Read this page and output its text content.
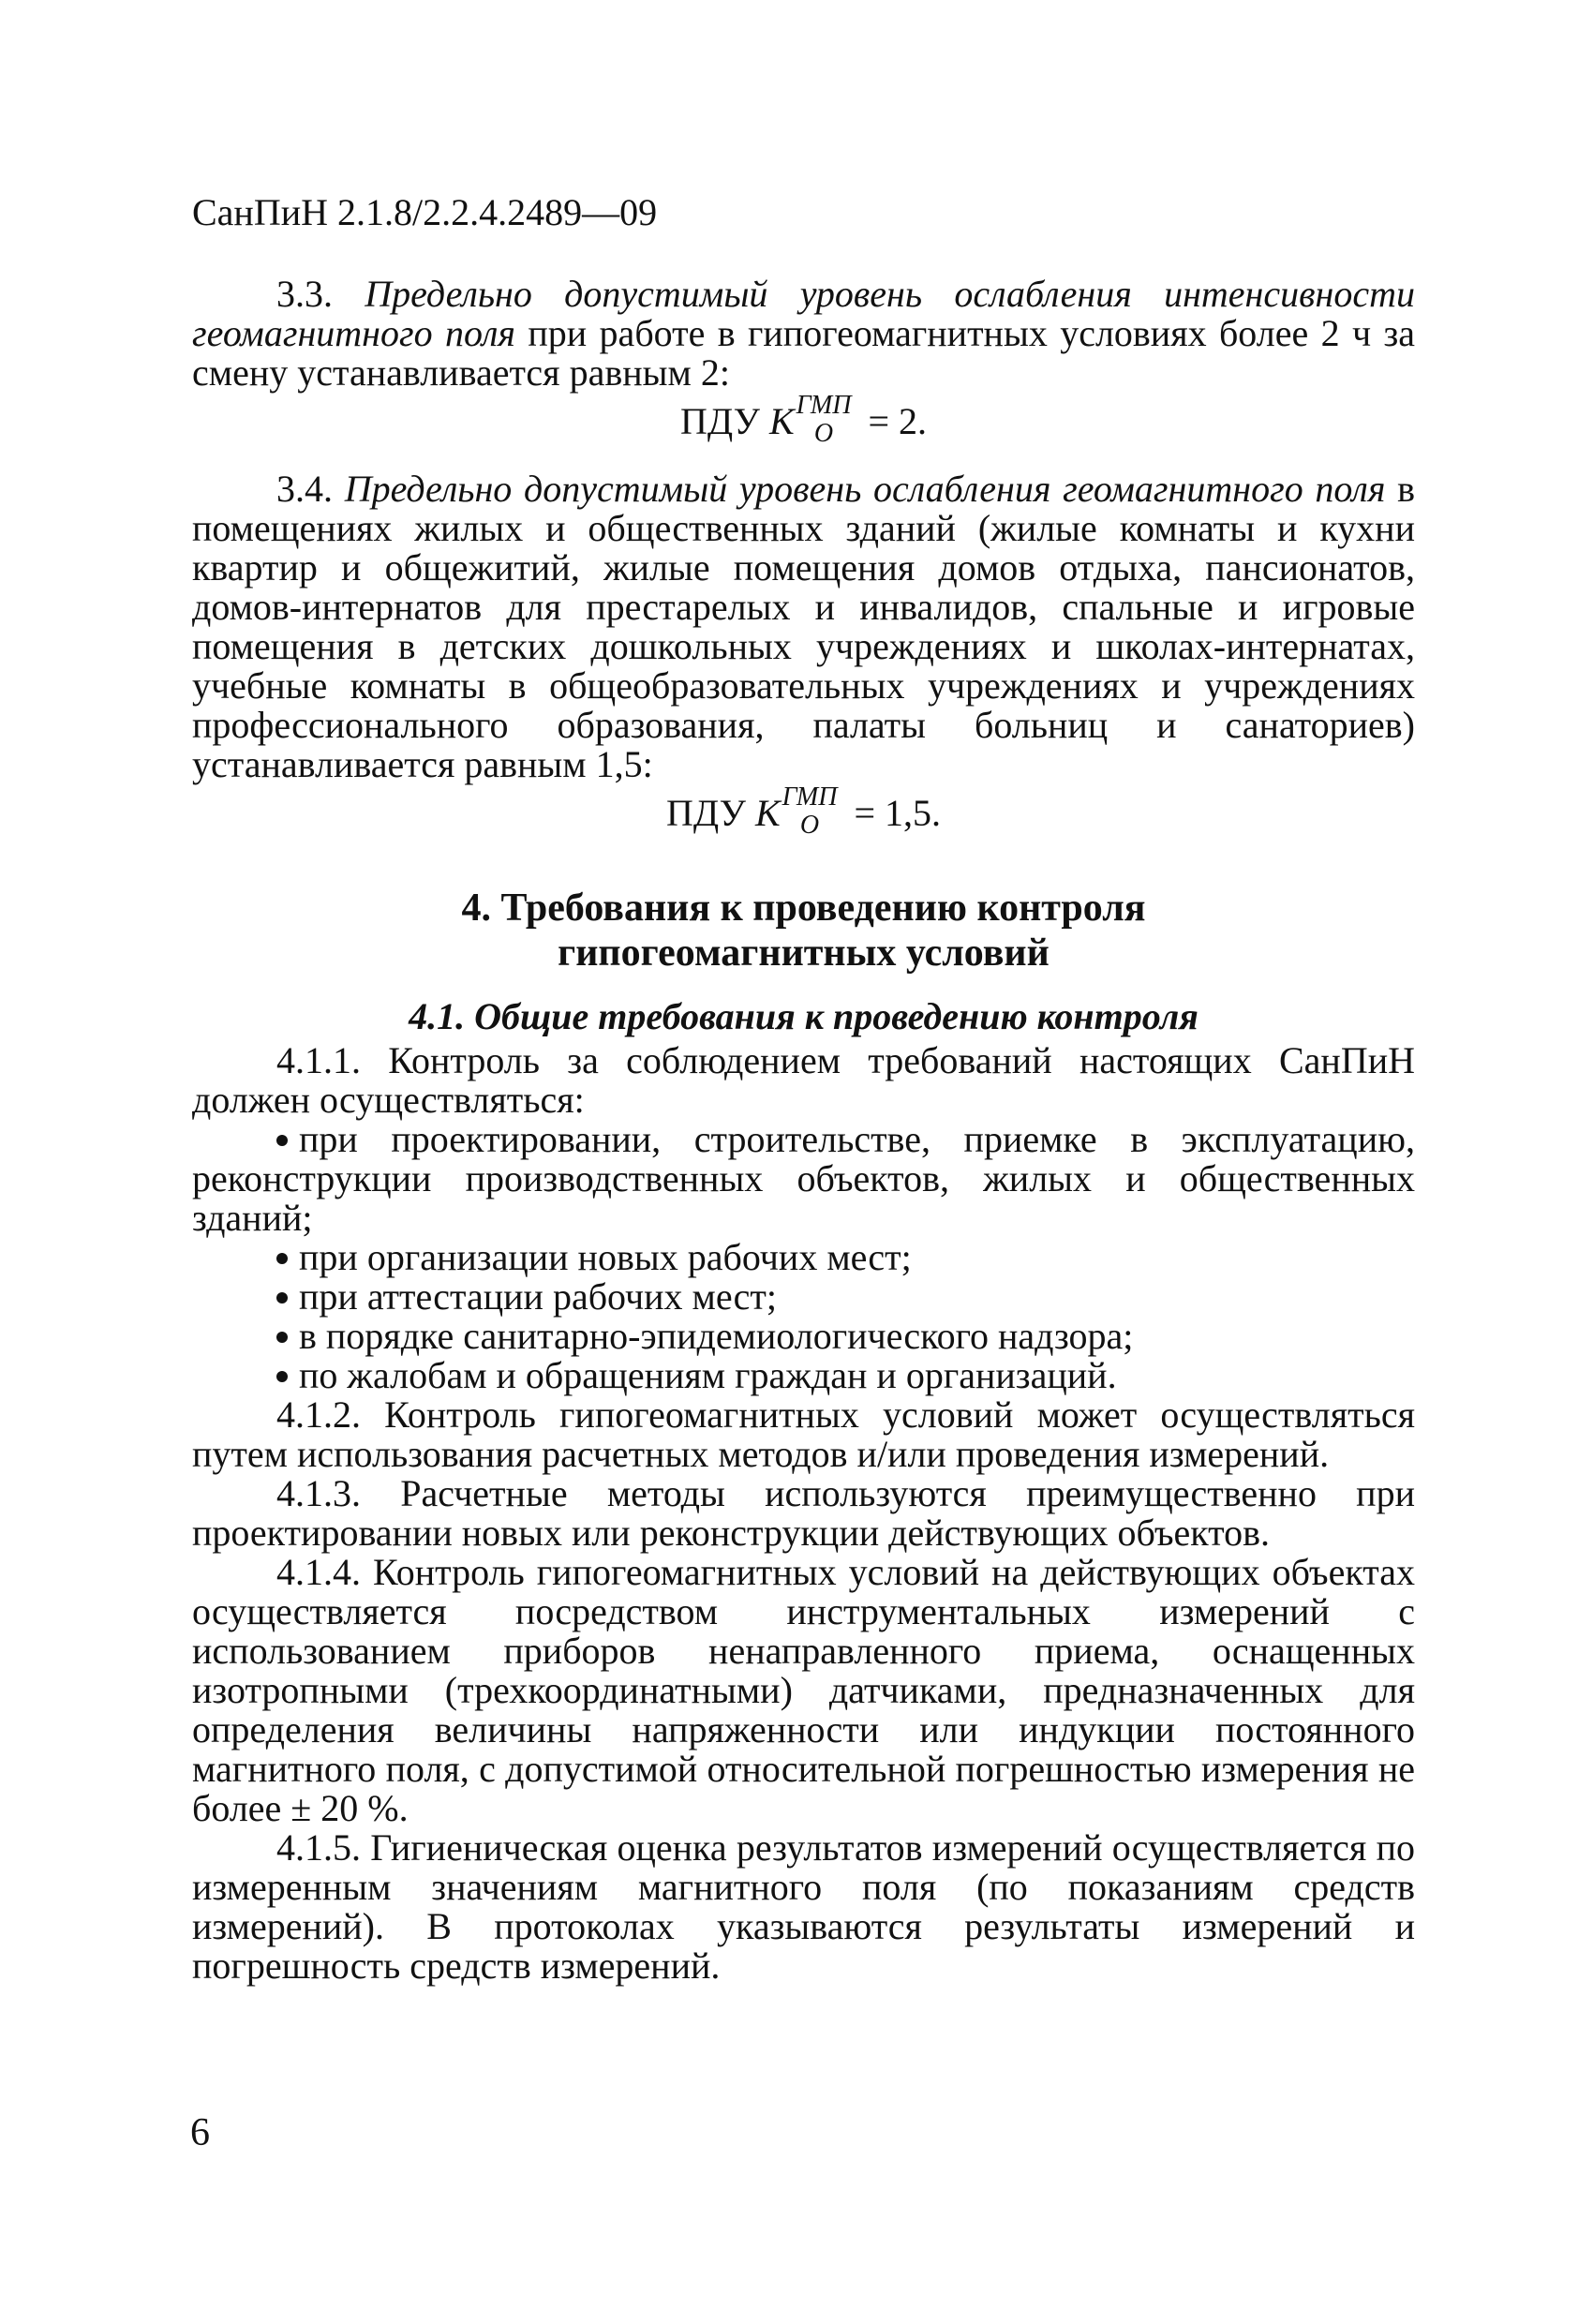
СанПиН 2.1.8/2.2.4.2489—09

3.3. Предельно допустимый уровень ослабления интенсивности геомагнитного поля при работе в гипогеомагнитных условиях более 2 ч за смену устанавливается равным 2:

ПДУ K ГМП
О = 2.

3.4. Предельно допустимый уровень ослабления геомагнитного поля в помещениях жилых и общественных зданий (жилые комнаты и кухни квартир и общежитий, жилые помещения домов отдыха, пансионатов, домов-интернатов для престарелых и инвалидов, спальные и игровые помещения в детских дошкольных учреждениях и школах-интернатах, учебные комнаты в общеобразовательных учреждениях и учреждениях профессионального образования, палаты больниц и санаториев) устанавливается равным 1,5:

ПДУ K ГМП
О = 1,5.
4. Требования к проведению контроля
гипогеомагнитных условий
4.1. Общие требования к проведению контроля

4.1.1. Контроль за соблюдением требований настоящих СанПиН должен осуществляться:

при проектировании, строительстве, приемке в эксплуатацию, реконструкции производственных объектов, жилых и общественных зданий;

при организации новых рабочих мест;

при аттестации рабочих мест;

в порядке санитарно-эпидемиологического надзора;

по жалобам и обращениям граждан и организаций.

4.1.2. Контроль гипогеомагнитных условий может осуществляться путем использования расчетных методов и/или проведения измерений.

4.1.3. Расчетные методы используются преимущественно при проектировании новых или реконструкции действующих объектов.

4.1.4. Контроль гипогеомагнитных условий на действующих объектах осуществляется посредством инструментальных измерений с использованием приборов ненаправленного приема, оснащенных изотропными (трехкоординатными) датчиками, предназначенных для определения величины напряженности или индукции постоянного магнитного поля, с допустимой относительной погрешностью измерения не более ± 20 %.

4.1.5. Гигиеническая оценка результатов измерений осуществляется по измеренным значениям магнитного поля (по показаниям средств измерений). В протоколах указываются результаты измерений и погрешность средств измерений.

6
